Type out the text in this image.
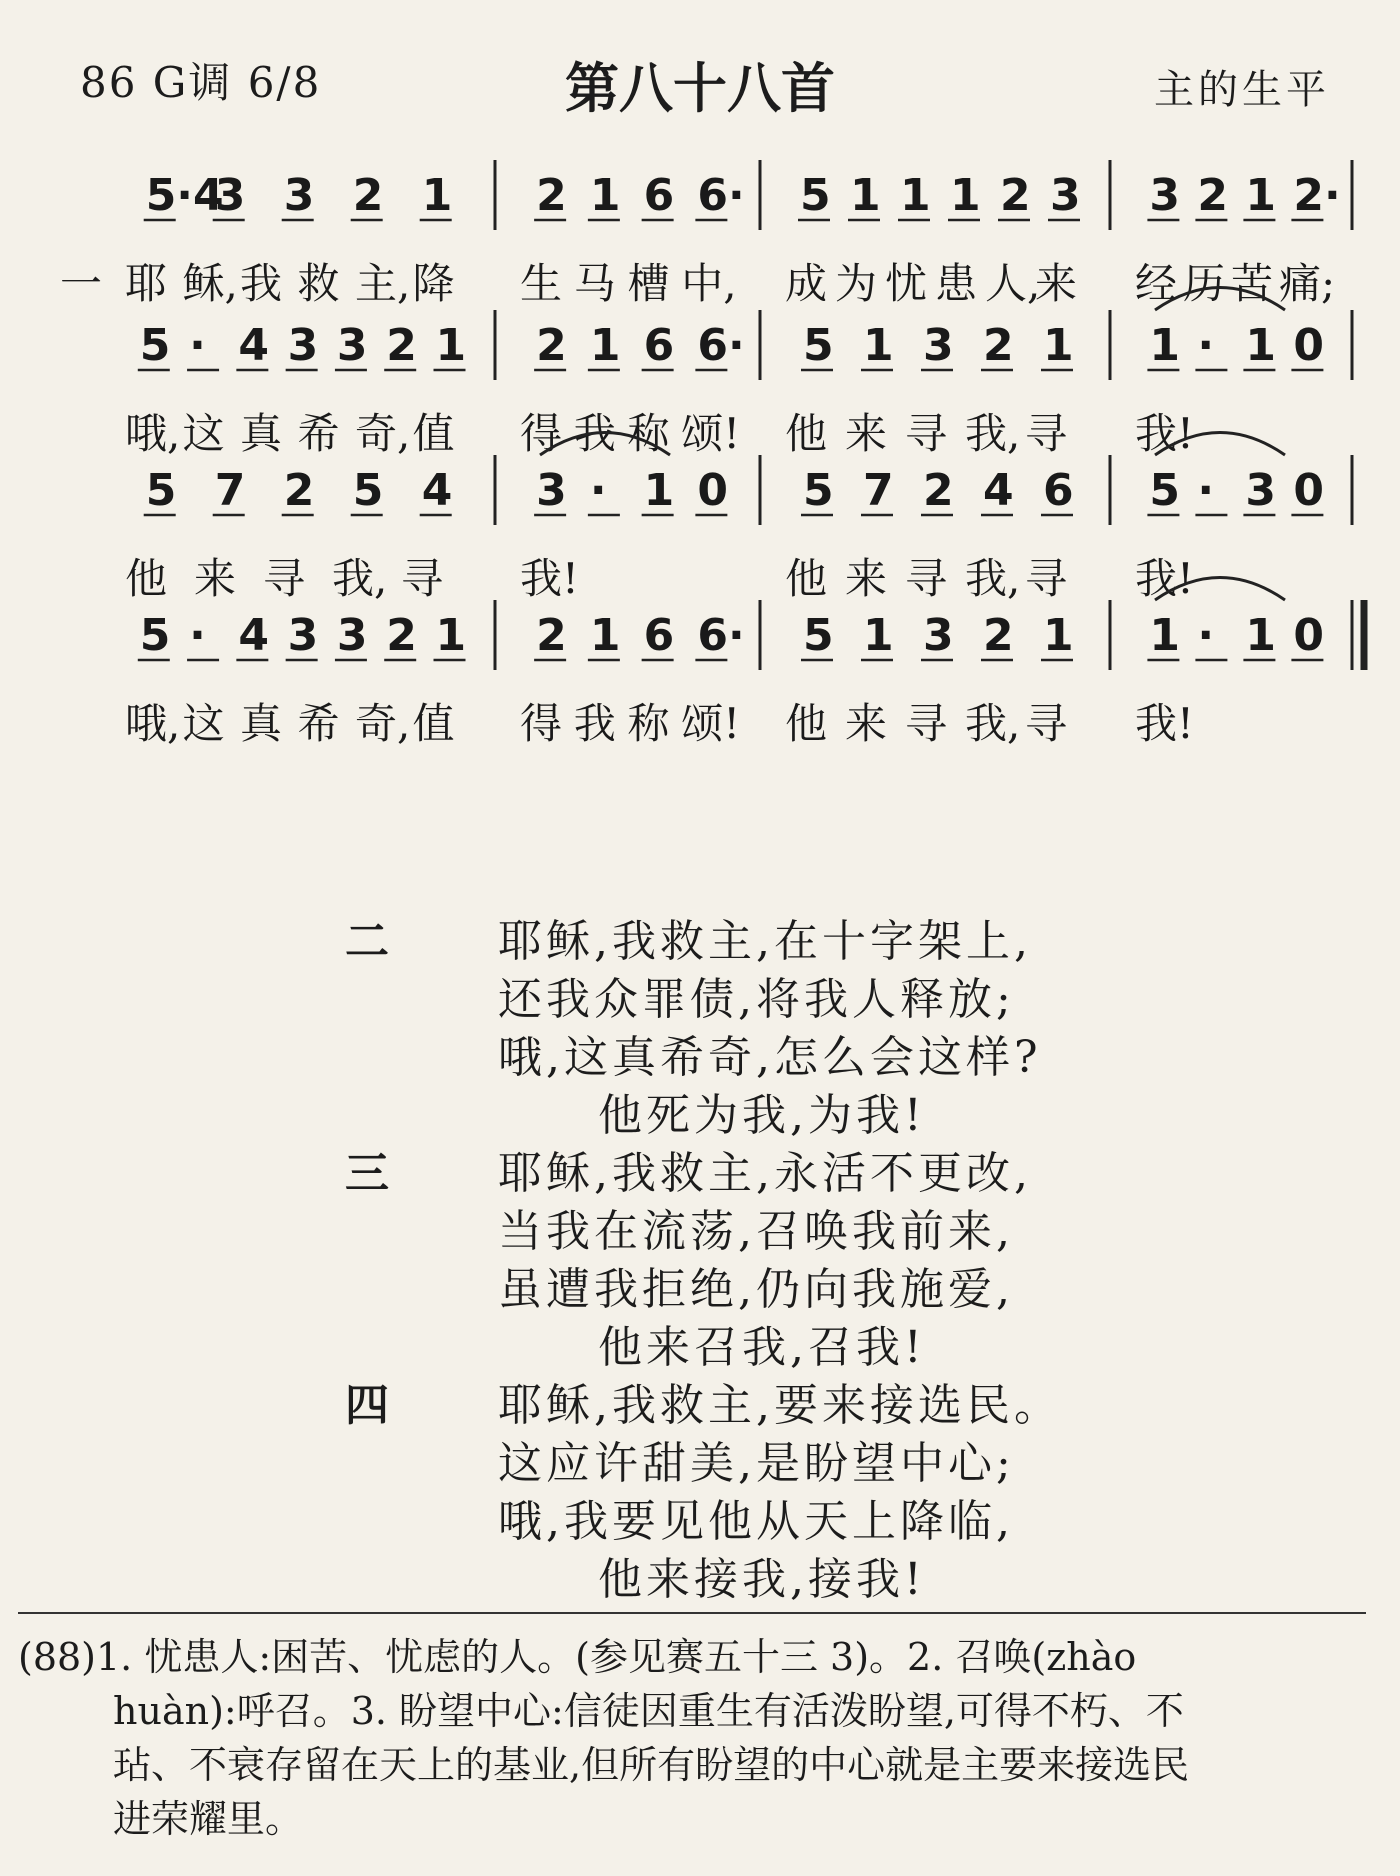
86 G调 6/8	第八十八首	主的生平
一
5·4
3 3 2 1
耶 稣, 我 救 主, 降
2 1 6 6·
生 马 槽 中,
5 1 1 1 2 3
成 为 忧 患 人,
来
3 2 1 2·
经 历 苦 痛;
5 · 4 3 3 2 1
哦, 这 真 希 奇, 值
2 1 6 6·
得 我 称 颂!
5 1 3 2 1
他 来 寻 我, 寻
1 · 1 0
我!
5 7 2 5 4
他 来 寻 我, 寻
3 · 1 0
我!
5 7 2 4 6
他 来 寻 我, 寻
5 · 3 0
我!
5 · 4 3 3 2 1
哦, 这 真 希 奇, 值
2 1 6 6·
得 我 称 颂!
5 1 3 2 1
他 来 寻 我, 寻
1 · 1 0
我!
二 耶稣,我救主,在十字架上,
还我众罪债,将我人释放;
哦,这真希奇,怎么会这样?
他死为我,为我!
三 耶稣,我救主,永活不更改,
当我在流荡,召唤我前来,
虽遭我拒绝,仍向我施爱,
他来召我,召我!
四 耶稣,我救主,要来接选民。
这应许甜美,是盼望中心;
哦,我要见他从天上降临,
他来接我,接我!
(88)1. 忧患人:困苦、忧虑的人。(参见赛五十三 3)。2. 召唤(zhào
huàn):呼召。3. 盼望中心:信徒因重生有活泼盼望,可得不朽、不
玷、不衰存留在天上的基业,但所有盼望的中心就是主要来接选民
进荣耀里。
